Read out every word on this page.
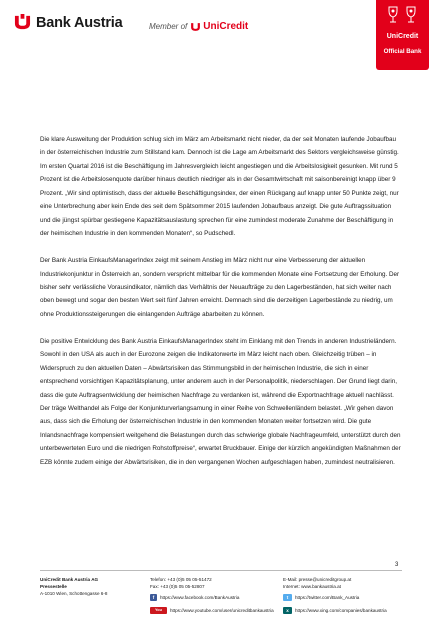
Bank Austria	Member of UniCredit
UniCredit
Official Bank

Die klare Ausweitung der Produktion schlug sich im März am Arbeitsmarkt nicht nieder, da der seit Monaten laufende Jobaufbau in der österreichischen Industrie zum Stillstand kam. Dennoch ist die Lage am Arbeitsmarkt des Sektors vergleichsweise günstig. Im ersten Quartal 2016 ist die Beschäftigung im Jahresvergleich leicht angestiegen und die Arbeitslosigkeit gesunken. Mit rund 5 Prozent ist die Arbeitslosenquote darüber hinaus deutlich niedriger als in der Gesamtwirtschaft mit saisonbereinigt knapp über 9 Prozent. „Wir sind optimistisch, dass der aktuelle Beschäftigungsindex, der einen Rückgang auf knapp unter 50 Punkte zeigt, nur eine Unterbrechung aber kein Ende des seit dem Spätsommer 2015 laufenden Jobaufbaus anzeigt. Die gute Auftragssituation und die jüngst spürbar gestiegene Kapazitätsauslastung sprechen für eine zumindest moderate Zunahme der Beschäftigung in der heimischen Industrie in den kommenden Monaten“, so Pudschedl.

Der Bank Austria EinkaufsManagerIndex zeigt mit seinem Anstieg im März nicht nur eine Verbesserung der aktuellen Industriekonjunktur in Österreich an, sondern verspricht mittelbar für die kommenden Monate eine Fortsetzung der Erholung. Der bisher sehr verlässliche Vorausindikator, nämlich das Verhältnis der Neuaufträge zu den Lagerbeständen, hat sich weiter nach oben bewegt und sogar den besten Wert seit fünf Jahren erreicht. Demnach sind die derzeitigen Lagerbestände zu niedrig, um ohne Produktionssteigerungen die einlangenden Aufträge abarbeiten zu können.

Die positive Entwicklung des Bank Austria EinkaufsManagerIndex steht im Einklang mit den Trends in anderen Industrieländern. Sowohl in den USA als auch in der Eurozone zeigen die Indikatorwerte im März leicht nach oben. Gleichzeitig trüben – in Widerspruch zu den aktuellen Daten – Abwärtsrisiken das Stimmungsbild in der heimischen Industrie, die sich in einer entsprechend vorsichtigen Kapazitätsplanung, unter anderem auch in der Personalpolitik, niederschlagen. Der Grund liegt darin, dass die gute Auftragsentwicklung der heimischen Nachfrage zu verdanken ist, während die Exportnachfrage aktuell nachlässt. Der träge Welthandel als Folge der Konjunkturverlangsamung in einer Reihe von Schwellenländern belastet. „Wir gehen davon aus, dass sich die Erholung der österreichischen Industrie in den kommenden Monaten weiter fortsetzen wird. Die gute Inlandsnachfrage kompensiert weitgehend die Belastungen durch das schwierige globale Nachfrageumfeld, unterstützt durch den unterbewerteten Euro und die niedrigen Rohstoffpreise“, erwartet Bruckbauer. Einige der kürzlich angekündigten Maßnahmen der EZB könnte zudem einige der Abwärtsrisiken, die in den vergangenen Wochen aufgeschlagen haben, zumindest neutralisieren.

3
UniCredit Bank Austria AG
Pressestelle
A-1010 Wien, Schottengasse 6-8
Telefon: +43 (0)5 05 05-51472
Fax: +43 (0)5 05 05-52807
E-Mail: presse@unicreditgroup.at
Internet: www.bankaustria.at
f	https://www.facebook.com/BankAustria	t	https://twitter.com/Bank_Austria
You	https://www.youtube.com/user/unicreditbankaustria	x	https://www.xing.com/companies/bankaustria
